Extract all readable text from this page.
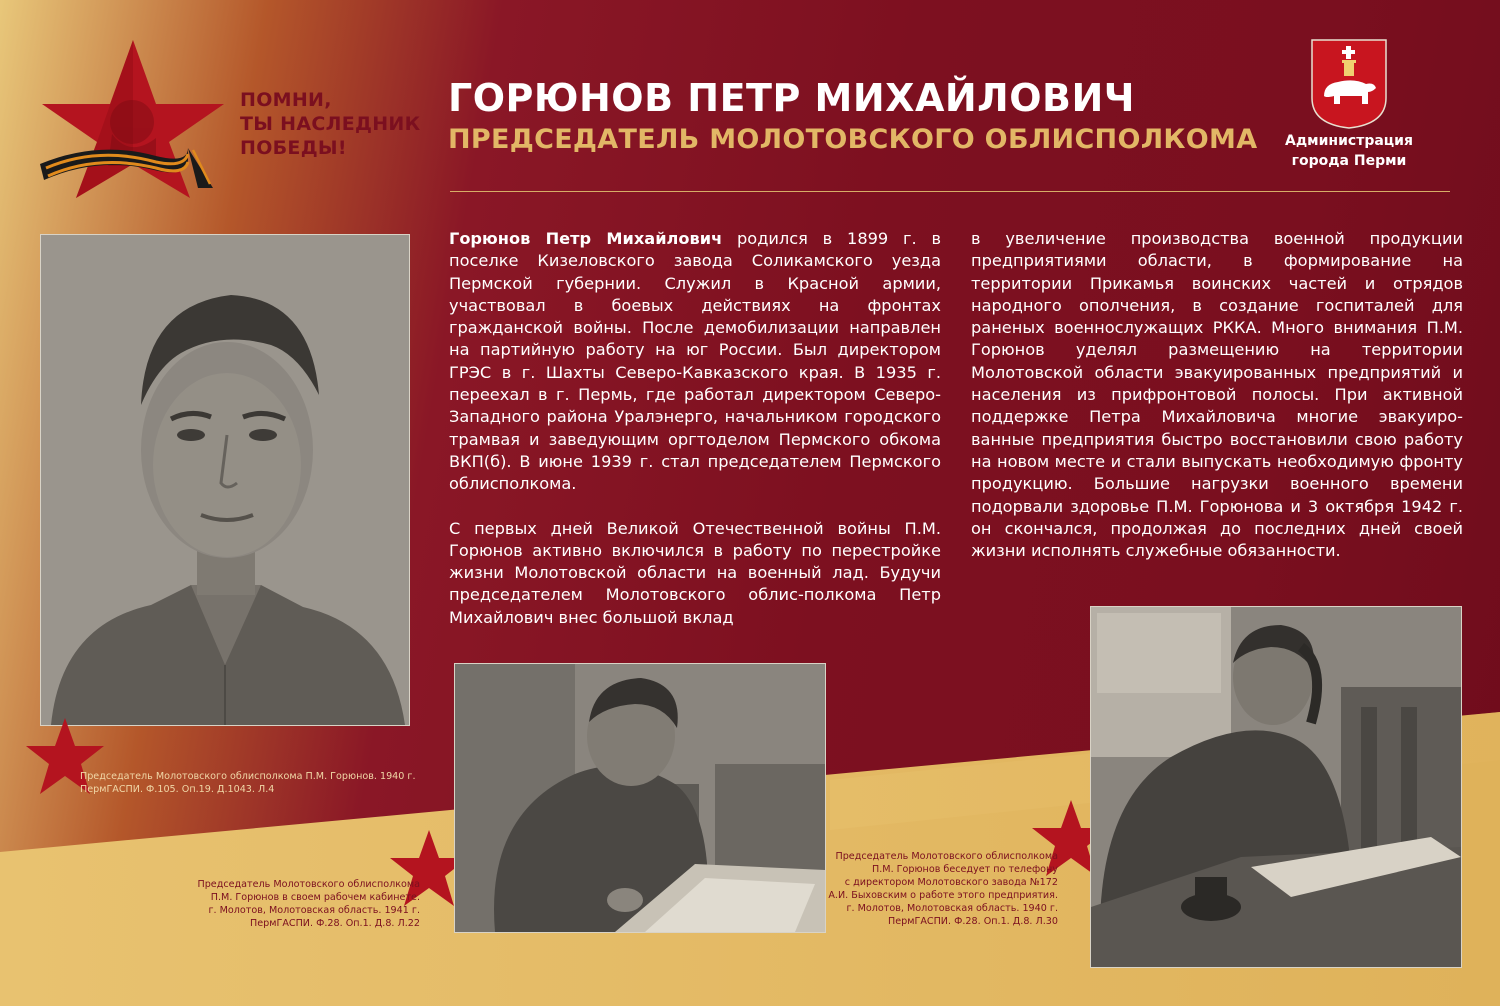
ПОМНИ,
ТЫ НАСЛЕДНИК
ПОБЕДЫ!
ГОРЮНОВ ПЕТР МИХАЙЛОВИЧ
ПРЕДСЕДАТЕЛЬ МОЛОТОВСКОГО ОБЛИСПОЛКОМА	Администрация
города Перми

Горюнов Петр Михайлович родился в 1899 г. в поселке Кизеловского завода Соликамского уезда Пермской губернии. Служил в Красной армии, участвовал в боевых действиях на фронтах гражданской войны. После демобилизации направлен на партийную работу на юг России. Был директором ГРЭС в г. Шахты Северо-Кавказского края. В 1935 г. переехал в г. Пермь, где работал директором Северо-Западного района Уралэнерго, начальником городского трамвая и заведующим оргтоделом Пермского обкома ВКП(б). В июне 1939 г. стал председателем Пермского облисполкома.

С первых дней Великой Отечественной войны П.М. Горюнов активно включился в работу по перестройке жизни Молотовской области на военный лад. Будучи председателем Молотовского облис-полкома Петр Михайлович внес большой вклад

в увеличение производства военной продукции предприятиями области, в формирование на территории Прикамья воинских частей и отрядов народного ополчения, в создание госпиталей для раненых военнослужащих РККА. Много внимания П.М. Горюнов уделял размещению на территории Молотовской области эвакуированных предприятий и населения из прифронтовой полосы. При активной поддержке Петра Михайловича многие эвакуиро-ванные предприятия быстро восстановили свою работу на новом месте и стали выпускать необходимую фронту продукцию. Большие нагрузки военного времени подорвали здоровье П.М. Горюнова и 3 октября 1942 г. он скончался, продолжая до последних дней своей жизни исполнять служебные обязанности.

Председатель Молотовского облисполкома П.М. Горюнов. 1940 г.
ПермГАСПИ. Ф.105. Оп.19. Д.1043. Л.4
Председатель Молотовского облисполкома
П.М. Горюнов в своем рабочем кабинете.
г. Молотов, Молотовская область. 1941 г.
ПермГАСПИ. Ф.28. Оп.1. Д.8. Л.22
Председатель Молотовского облисполкома
П.М. Горюнов беседует по телефону
с директором Молотовского завода №172
А.И. Быховским о работе этого предприятия.
г. Молотов, Молотовская область. 1940 г.
ПермГАСПИ. Ф.28. Оп.1. Д.8. Л.30
